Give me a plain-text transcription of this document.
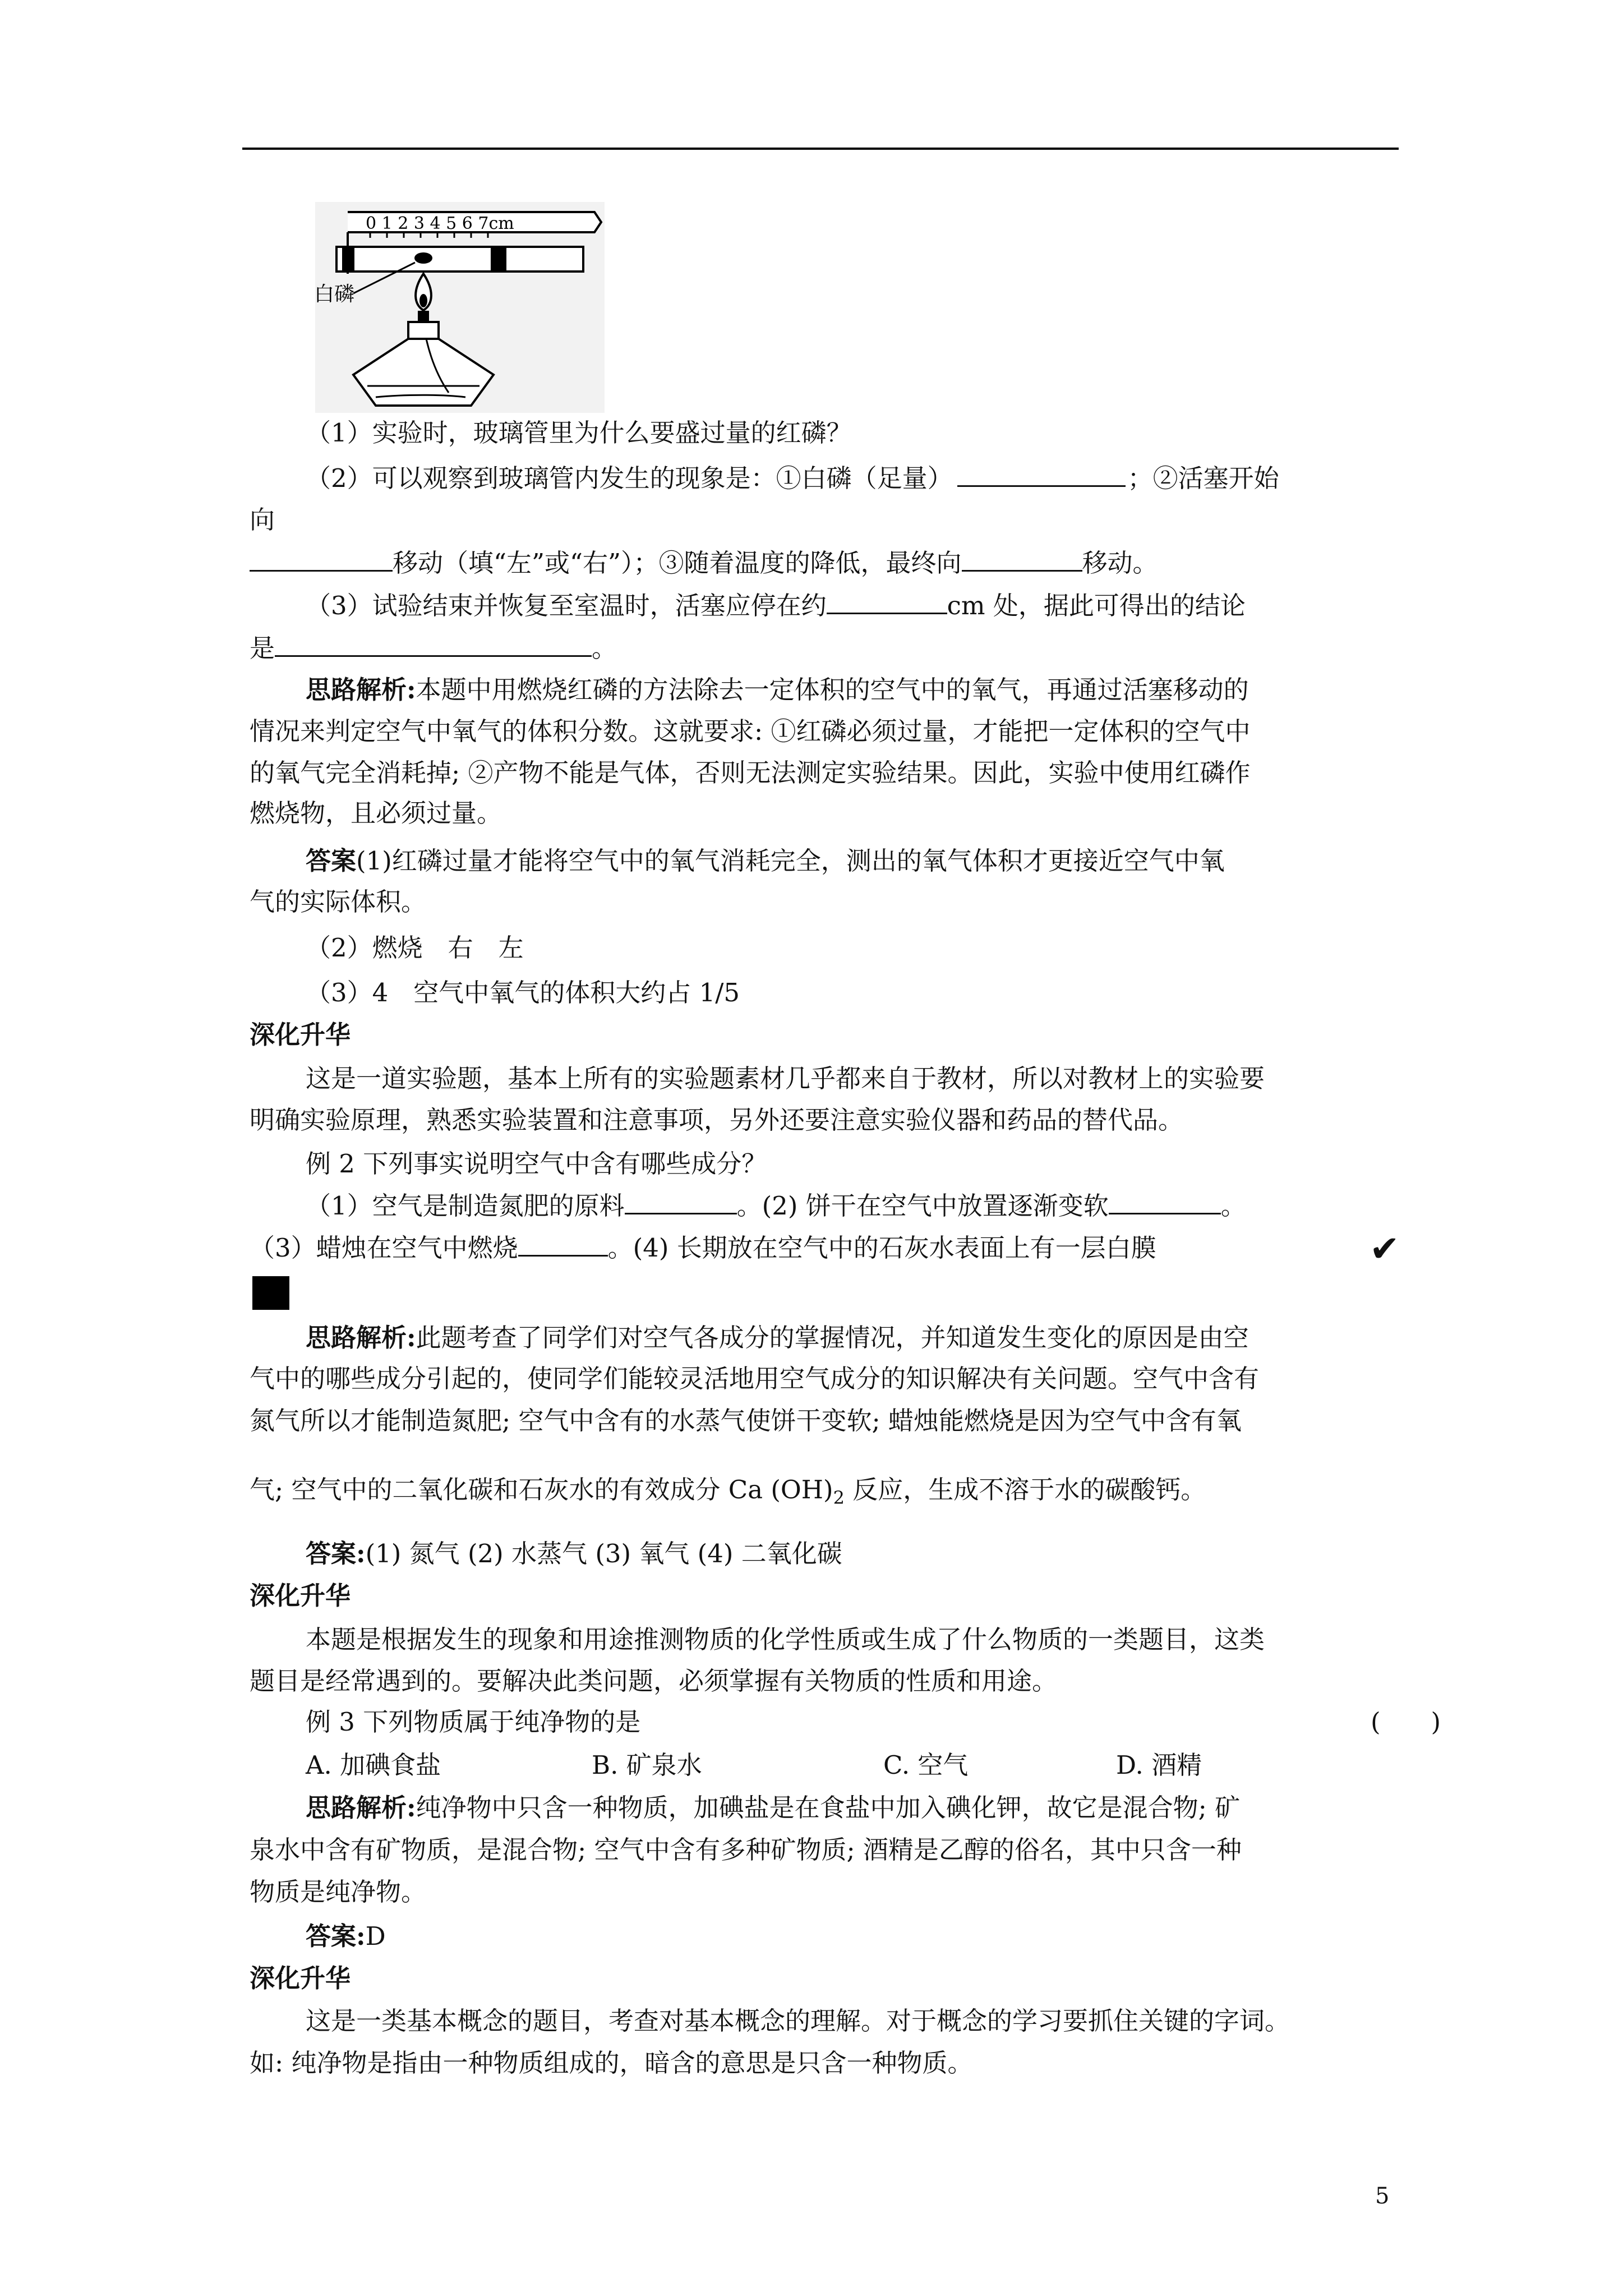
0 1 2 3 4 5 6 7cm
白磷
（1）实验时，玻璃管里为什么要盛过量的红磷？
（2）可以观察到玻璃管内发生的现象是：①白磷（足量）	；②活塞开始
向
移动（填“左”或“右”）；③随着温度的降低，最终向	移动。
（3）试验结束并恢复至室温时，活塞应停在约	cm 处，据此可得出的结论
是	。
思路解析:本题中用燃烧红磷的方法除去一定体积的空气中的氧气，再通过活塞移动的
情况来判定空气中氧气的体积分数。这就要求: ①红磷必须过量，才能把一定体积的空气中
的氧气完全消耗掉; ②产物不能是气体，否则无法测定实验结果。因此，实验中使用红磷作
燃烧物，且必须过量。
答案(1)红磷过量才能将空气中的氧气消耗完全，测出的氧气体积才更接近空气中氧
气的实际体积。
（2）燃烧　右　左
（3）4　空气中氧气的体积大约占 1/5
深化升华
这是一道实验题，基本上所有的实验题素材几乎都来自于教材，所以对教材上的实验要
明确实验原理，熟悉实验装置和注意事项，另外还要注意实验仪器和药品的替代品。
例 2 下列事实说明空气中含有哪些成分？
（1）空气是制造氮肥的原料	。(2) 饼干在空气中放置逐渐变软	。
（3）蜡烛在空气中燃烧	。(4) 长期放在空气中的石灰水表面上有一层白膜	✔
思路解析:此题考查了同学们对空气各成分的掌握情况，并知道发生变化的原因是由空
气中的哪些成分引起的，使同学们能较灵活地用空气成分的知识解决有关问题。空气中含有
氮气所以才能制造氮肥; 空气中含有的水蒸气使饼干变软; 蜡烛能燃烧是因为空气中含有氧
气; 空气中的二氧化碳和石灰水的有效成分 Ca $(OH)_2$ 反应，生成不溶于水的碳酸钙。
答案:(1) 氮气 (2) 水蒸气 (3) 氧气 (4) 二氧化碳
深化升华
本题是根据发生的现象和用途推测物质的化学性质或生成了什么物质的一类题目，这类
题目是经常遇到的。要解决此类问题，必须掌握有关物质的性质和用途。
例 3 下列物质属于纯净物的是	(　　)
A. 加碘食盐	B. 矿泉水	C. 空气	D. 酒精
思路解析:纯净物中只含一种物质，加碘盐是在食盐中加入碘化钾，故它是混合物; 矿
泉水中含有矿物质，是混合物; 空气中含有多种矿物质; 酒精是乙醇的俗名，其中只含一种
物质是纯净物。
答案:D
深化升华
这是一类基本概念的题目，考查对基本概念的理解。对于概念的学习要抓住关键的字词。
如: 纯净物是指由一种物质组成的，暗含的意思是只含一种物质。
5
